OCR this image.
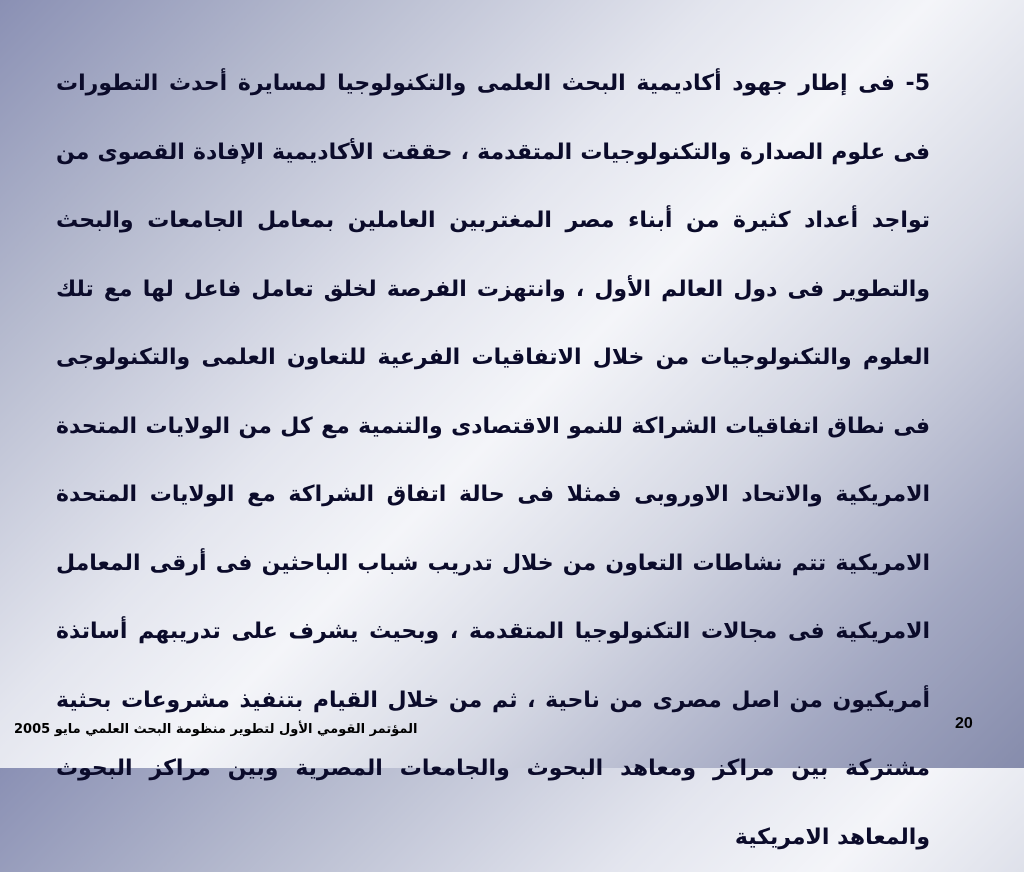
5- فى إطار جهود أكاديمية البحث العلمى والتكنولوجيا لمسايرة أحدث التطورات فى علوم الصدارة والتكنولوجيات المتقدمة ، حققت الأكاديمية الإفادة القصوى من تواجد أعداد كثيرة من أبناء مصر المغتربين العاملين بمعامل الجامعات والبحث والتطوير فى دول العالم الأول ، وانتهزت الفرصة لخلق تعامل فاعل لها مع تلك العلوم والتكنولوجيات من خلال الاتفاقيات الفرعية للتعاون العلمى والتكنولوجى فى نطاق اتفاقيات الشراكة للنمو الاقتصادى والتنمية مع كل من الولايات المتحدة الامريكية والاتحاد الاوروبى فمثلا فى حالة اتفاق الشراكة مع الولايات المتحدة الامريكية تتم نشاطات التعاون من خلال تدريب شباب الباحثين فى أرقى المعامل الامريكية فى مجالات التكنولوجيا المتقدمة ، وبحيث يشرف على تدريبهم أساتذة أمريكيون من اصل مصرى من ناحية ، ثم من خلال القيام بتنفيذ مشروعات بحثية مشتركة بين مراكز ومعاهد البحوث والجامعات المصرية وبين مراكز البحوث والمعاهد الامريكية

20

المؤتمر القومي الأول لتطوير منظومة البحث العلمي مايو 2005
